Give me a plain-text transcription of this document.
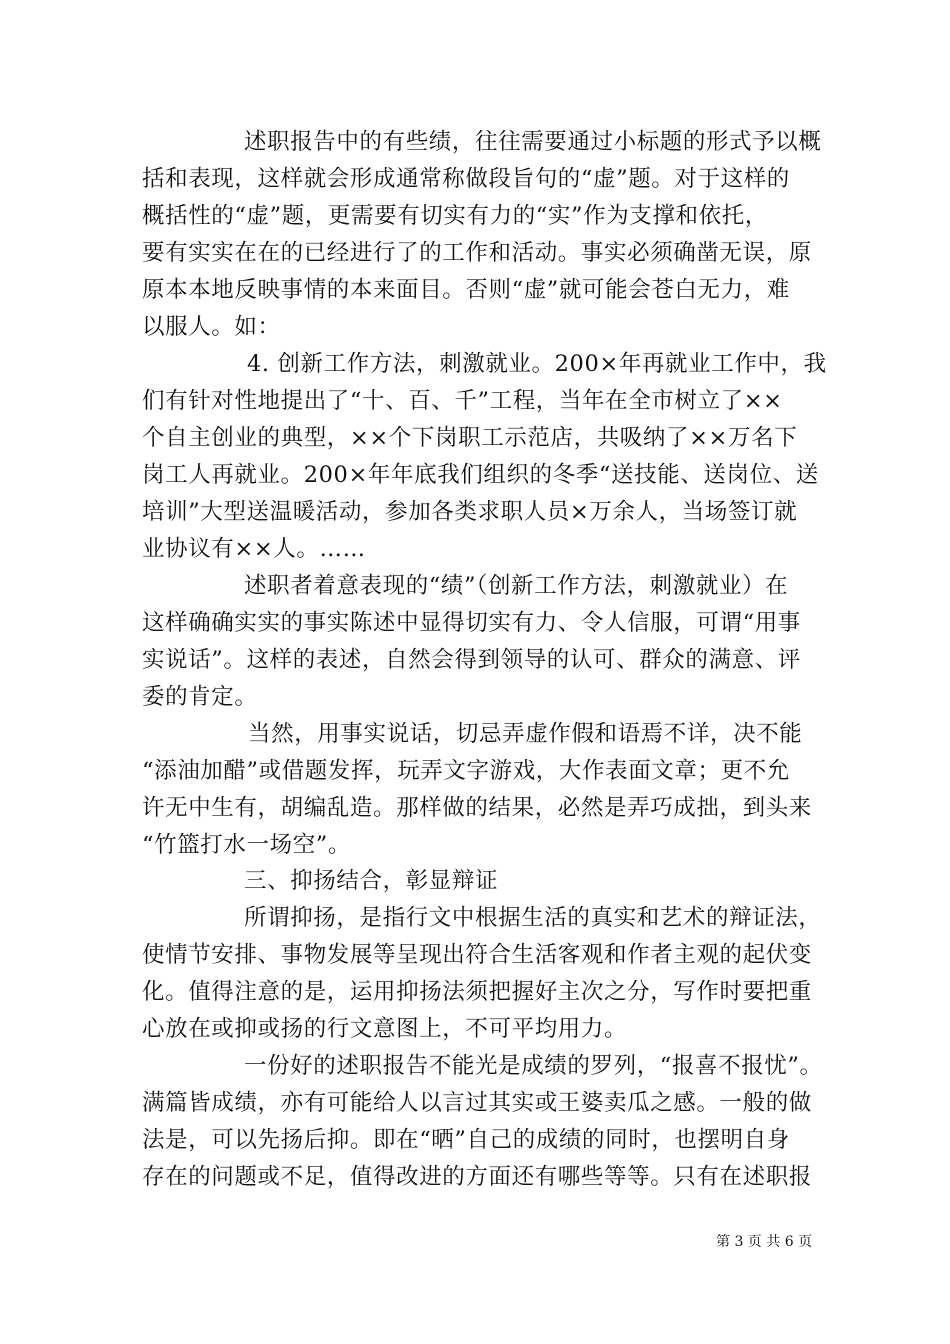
述职报告中的有些绩，往往需要通过小标题的形式予以概
括和表现，这样就会形成通常称做段旨句的“虚”题。对于这样的
概括性的“虚”题，更需要有切实有力的“实”作为支撑和依托，
要有实实在在的已经进行了的工作和活动。事实必须确凿无误，原
原本本地反映事情的本来面目。否则“虚”就可能会苍白无力，难
以服人。如：
4. 创新工作方法，刺激就业。200×年再就业工作中，我
们有针对性地提出了“十、百、千”工程，当年在全市树立了××
个自主创业的典型，××个下岗职工示范店，共吸纳了××万名下
岗工人再就业。200×年年底我们组织的冬季“送技能、送岗位、送
培训”大型送温暖活动，参加各类求职人员×万余人，当场签订就
业协议有××人。……
述职者着意表现的“绩”（创新工作方法，刺激就业）在
这样确确实实的事实陈述中显得切实有力、令人信服，可谓“用事
实说话”。这样的表述，自然会得到领导的认可、群众的满意、评
委的肯定。
当然，用事实说话，切忌弄虚作假和语焉不详，决不能
“添油加醋”或借题发挥，玩弄文字游戏，大作表面文章；更不允
许无中生有，胡编乱造。那样做的结果，必然是弄巧成拙，到头来
“竹篮打水一场空”。
三、抑扬结合，彰显辩证
所谓抑扬，是指行文中根据生活的真实和艺术的辩证法，
使情节安排、事物发展等呈现出符合生活客观和作者主观的起伏变
化。值得注意的是，运用抑扬法须把握好主次之分，写作时要把重
心放在或抑或扬的行文意图上，不可平均用力。
一份好的述职报告不能光是成绩的罗列，“报喜不报忧”。
满篇皆成绩，亦有可能给人以言过其实或王婆卖瓜之感。一般的做
法是，可以先扬后抑。即在“晒”自己的成绩的同时，也摆明自身
存在的问题或不足，值得改进的方面还有哪些等等。只有在述职报
第 3 页 共 6 页
